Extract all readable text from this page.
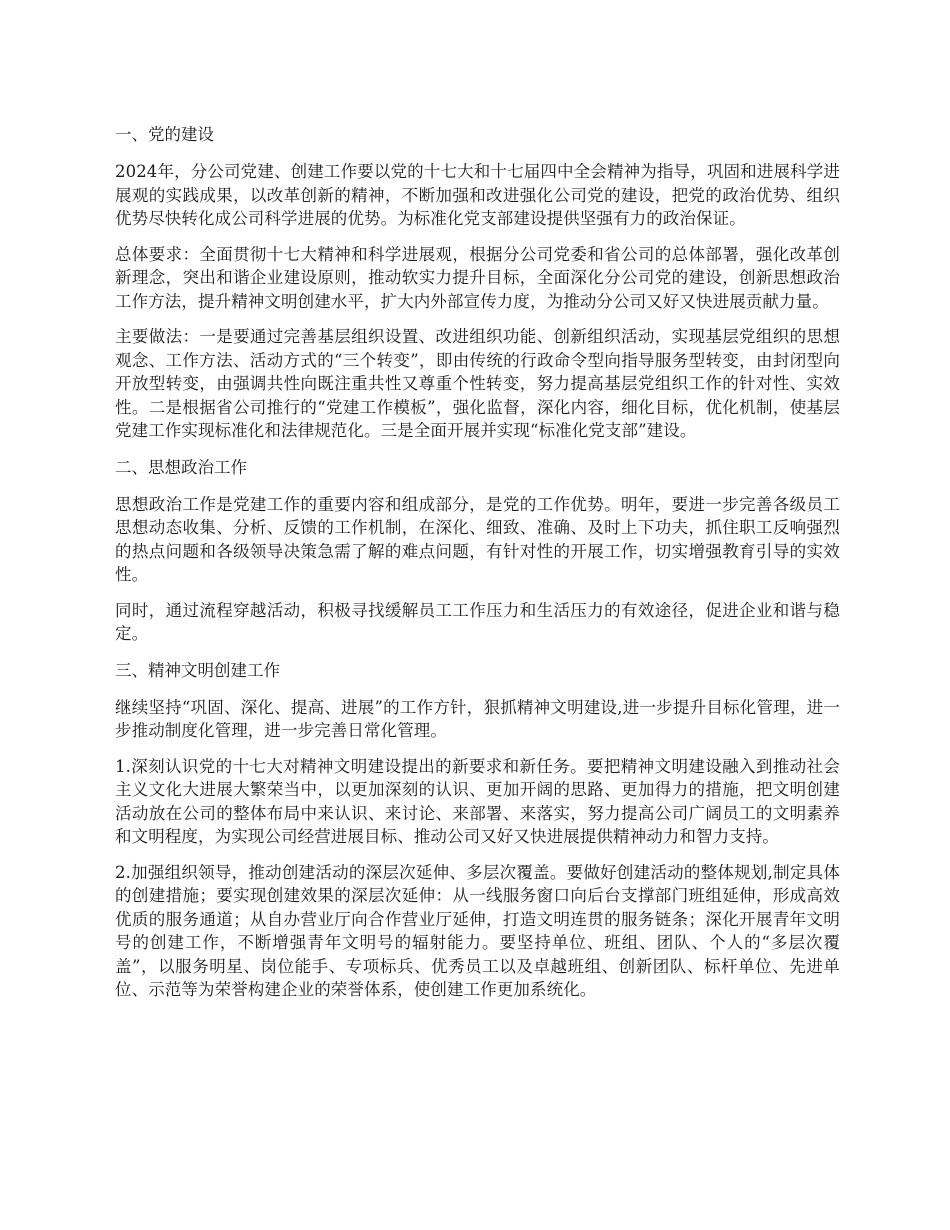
一、党的建设

2024年，分公司党建、创建工作要以党的十七大和十七届四中全会精神为指导，巩固和进展科学进展观的实践成果，以改革创新的精神，不断加强和改进强化公司党的建设，把党的政治优势、组织优势尽快转化成公司科学进展的优势。为标准化党支部建设提供坚强有力的政治保证。

总体要求：全面贯彻十七大精神和科学进展观，根据分公司党委和省公司的总体部署，强化改革创新理念，突出和谐企业建设原则，推动软实力提升目标，全面深化分公司党的建设，创新思想政治工作方法，提升精神文明创建水平，扩大内外部宣传力度，为推动分公司又好又快进展贡献力量。

主要做法：一是要通过完善基层组织设置、改进组织功能、创新组织活动，实现基层党组织的思想观念、工作方法、活动方式的“三个转变”，即由传统的行政命令型向指导服务型转变，由封闭型向开放型转变，由强调共性向既注重共性又尊重个性转变，努力提高基层党组织工作的针对性、实效性。二是根据省公司推行的“党建工作模板”，强化监督，深化内容，细化目标，优化机制，使基层党建工作实现标准化和法律规范化。三是全面开展并实现“标准化党支部”建设。

二、思想政治工作

思想政治工作是党建工作的重要内容和组成部分，是党的工作优势。明年，要进一步完善各级员工思想动态收集、分析、反馈的工作机制，在深化、细致、准确、及时上下功夫，抓住职工反响强烈的热点问题和各级领导决策急需了解的难点问题，有针对性的开展工作，切实增强教育引导的实效性。

同时，通过流程穿越活动，积极寻找缓解员工工作压力和生活压力的有效途径，促进企业和谐与稳定。

三、精神文明创建工作

继续坚持“巩固、深化、提高、进展”的工作方针，狠抓精神文明建设,进一步提升目标化管理，进一步推动制度化管理，进一步完善日常化管理。

1.深刻认识党的十七大对精神文明建设提出的新要求和新任务。要把精神文明建设融入到推动社会主义文化大进展大繁荣当中，以更加深刻的认识、更加开阔的思路、更加得力的措施，把文明创建活动放在公司的整体布局中来认识、来讨论、来部署、来落实，努力提高公司广阔员工的文明素养和文明程度，为实现公司经营进展目标、推动公司又好又快进展提供精神动力和智力支持。

2.加强组织领导，推动创建活动的深层次延伸、多层次覆盖。要做好创建活动的整体规划,制定具体的创建措施；要实现创建效果的深层次延伸：从一线服务窗口向后台支撑部门班组延伸，形成高效优质的服务通道；从自办营业厅向合作营业厅延伸，打造文明连贯的服务链条；深化开展青年文明号的创建工作，不断增强青年文明号的辐射能力。要坚持单位、班组、团队、个人的“多层次覆盖”，以服务明星、岗位能手、专项标兵、优秀员工以及卓越班组、创新团队、标杆单位、先进单位、示范等为荣誉构建企业的荣誉体系，使创建工作更加系统化。
